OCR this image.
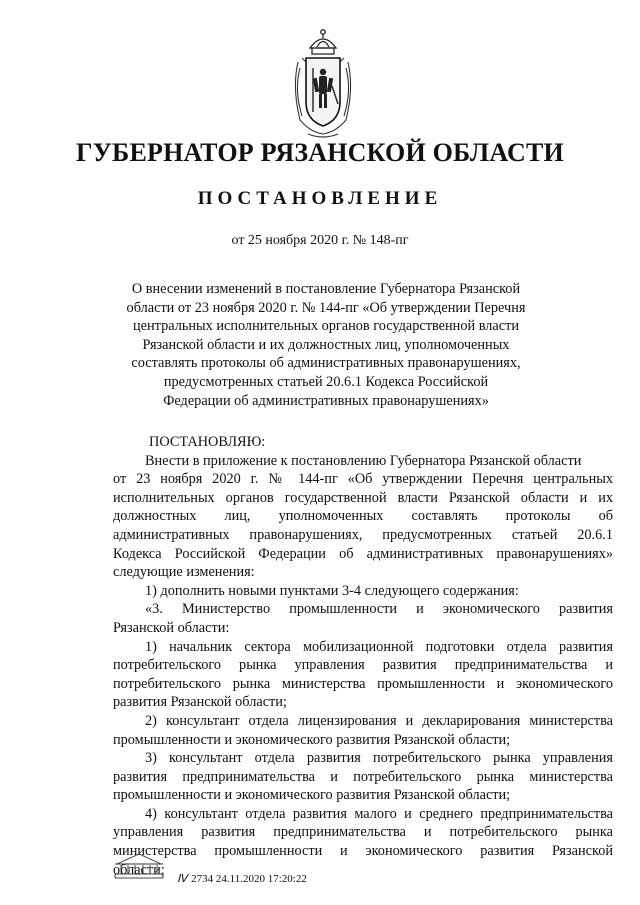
ГУБЕРНАТОР РЯЗАНСКОЙ ОБЛАСТИ
ПОСТАНОВЛЕНИЕ
от 25 ноября 2020 г. № 148-пг
О внесении изменений в постановление Губернатора Рязанской
области от 23 ноября 2020 г. № 144-пг «Об утверждении Перечня
центральных исполнительных органов государственной власти
Рязанской области и их должностных лиц, уполномоченных
составлять протоколы об административных правонарушениях,
предусмотренных статьей 20.6.1 Кодекса Российской
Федерации об административных правонарушениях»
ПОСТАНОВЛЯЮ:
Внести в приложение к постановлению Губернатора Рязанской области
от 23 ноября 2020 г. № 144-пг «Об утверждении Перечня центральных
исполнительных органов государственной власти Рязанской области и их
должностных лиц, уполномоченных составлять протоколы об
административных правонарушениях, предусмотренных статьей 20.6.1
Кодекса Российской Федерации об административных правонарушениях»
следующие изменения:
1) дополнить новыми пунктами 3-4 следующего содержания:
«3. Министерство промышленности и экономического развития
Рязанской области:
1) начальник сектора мобилизационной подготовки отдела развития
потребительского рынка управления развития предпринимательства и
потребительского рынка министерства промышленности и экономического
развития Рязанской области;
2) консультант отдела лицензирования и декларирования министерства
промышленности и экономического развития Рязанской области;
3) консультант отдела развития потребительского рынка управления
развития предпринимательства и потребительского рынка министерства
промышленности и экономического развития Рязанской области;
4) консультант отдела развития малого и среднего предпринимательства
управления развития предпринимательства и потребительского рынка
министерства промышленности и экономического развития Рязанской
области;
Ⅳ 2734 24.11.2020 17:20:22
